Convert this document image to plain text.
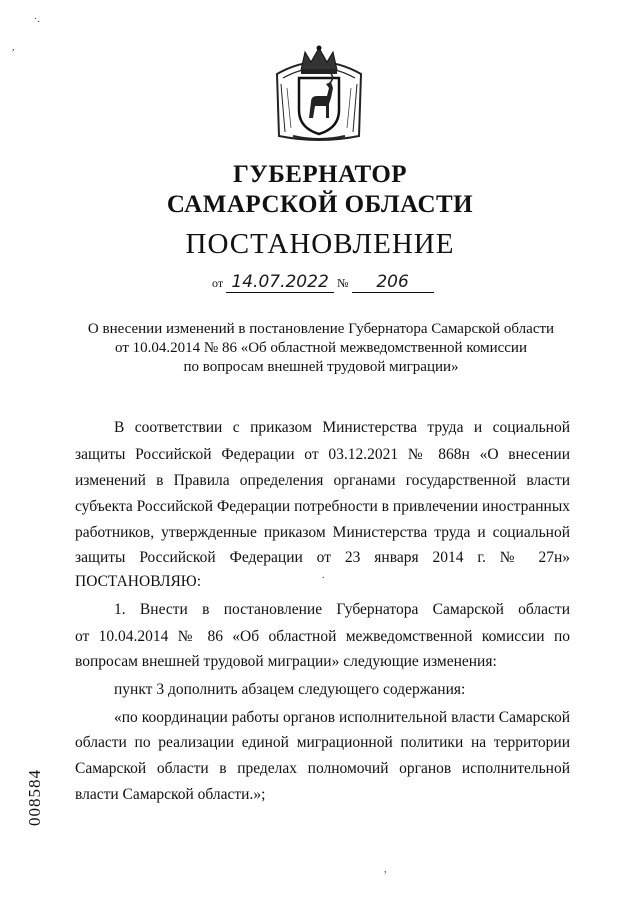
·.
,
ГУБЕРНАТОР
САМАРСКОЙ ОБЛАСТИ
ПОСТАНОВЛЕНИЕ
от 14.07.2022 № 206
О внесении изменений в постановление Губернатора Самарской области
от 10.04.2014 № 86 «Об областной межведомственной комиссии
по вопросам внешней трудовой миграции»
В соответствии с приказом Министерства труда и социальной
защиты Российской Федерации от 03.12.2021 № 868н «О внесении
изменений в Правила определения органами государственной власти
субъекта Российской Федерации потребности в привлечении иностранных
работников, утвержденные приказом Министерства труда и социальной
защиты Российской Федерации от 23 января 2014 г. № 27н»
ПОСТАНОВЛЯЮ:
1. Внести в постановление Губернатора Самарской области
от 10.04.2014 № 86 «Об областной межведомственной комиссии по
вопросам внешней трудовой миграции» следующие изменения:
пункт 3 дополнить абзацем следующего содержания:
«по координации работы органов исполнительной власти Самарской
области по реализации единой миграционной политики на территории
Самарской области в пределах полномочий органов исполнительной
власти Самарской области.»;
008584
.
,
